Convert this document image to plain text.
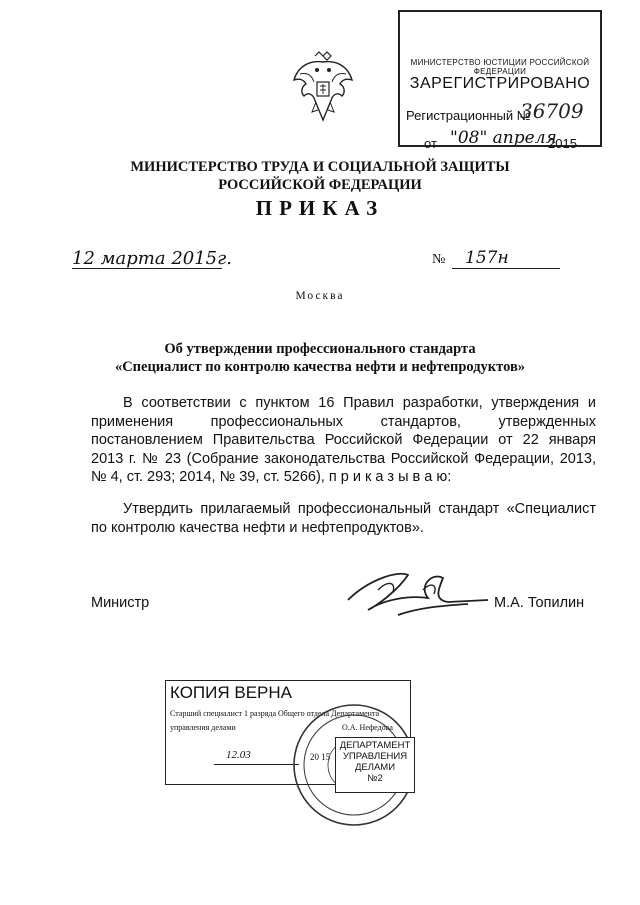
МИНИСТЕРСТВО ЮСТИЦИИ РОССИЙСКОЙ ФЕДЕРАЦИИ
ЗАРЕГИСТРИРОВАНО
Регистрационный №
36709
от "08" апреля
2015
МИНИСТЕРСТВО ТРУДА И СОЦИАЛЬНОЙ ЗАЩИТЫ
РОССИЙСКОЙ ФЕДЕРАЦИИ
ПРИКАЗ
12 марта 2015г.	№ 157н
Москва
Об утверждении профессионального стандарта
«Специалист по контролю качества нефти и нефтепродуктов»
В соответствии с пунктом 16 Правил разработки, утверждения и применения профессиональных стандартов, утвержденных постановлением Правительства Российской Федерации от 22 января 2013 г. № 23 (Собрание законодательства Российской Федерации, 2013, № 4, ст. 293; 2014, № 39, ст. 5266), п р и к а з ы в а ю:
Утвердить прилагаемый профессиональный стандарт «Специалист по контролю качества нефти и нефтепродуктов».
Министр	М.А. Топилин
КОПИЯ ВЕРНА
Старший специалист 1 разряда Общего отдела Департамента
управления делами	О.А. Нефедова
12.03	20 15
ДЕПАРТАМЕНТ
УПРАВЛЕНИЯ
ДЕЛАМИ
№2
